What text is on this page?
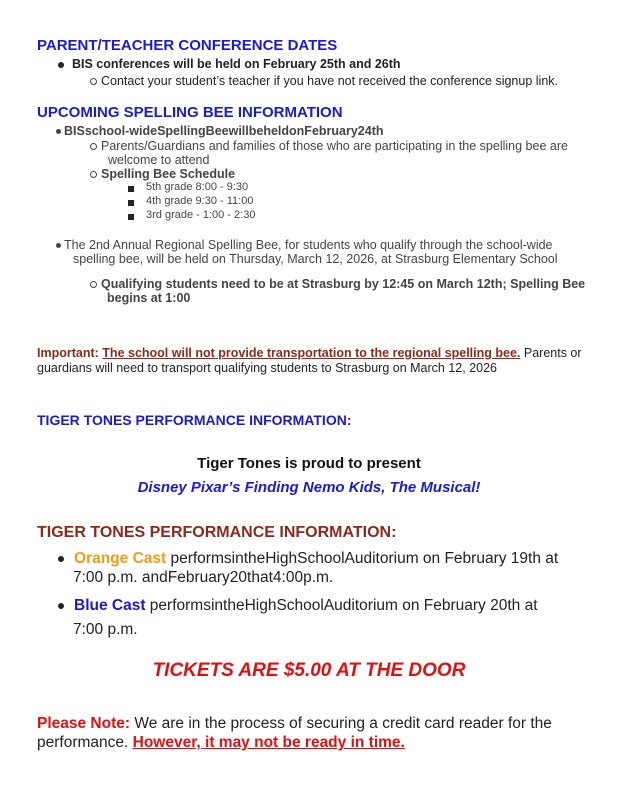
PARENT/TEACHER CONFERENCE DATES
BIS conferences will be held on February 25th and 26th
Contact your student’s teacher if you have not received the conference signup link.
UPCOMING SPELLING BEE INFORMATION
BISschool-wideSpellingBeewillbeheldonFebruary24th
Parents/Guardians and families of those who are participating in the spelling bee are
welcome to attend
Spelling Bee Schedule
5th grade 8:00 - 9:30
4th grade 9:30 - 11:00
3rd grade - 1:00 - 2:30
The 2nd Annual Regional Spelling Bee, for students who qualify through the school-wide
spelling bee, will be held on Thursday, March 12, 2026, at Strasburg Elementary School
Qualifying students need to be at Strasburg by 12:45 on March 12th; Spelling Bee
begins at 1:00
Important: The school will not provide transportation to the regional spelling bee. Parents or
guardians will need to transport qualifying students to Strasburg on March 12, 2026
TIGER TONES PERFORMANCE INFORMATION:
Tiger Tones is proud to present
Disney Pixar’s Finding Nemo Kids, The Musical!
TIGER TONES PERFORMANCE INFORMATION:
Orange Cast performsintheHighSchoolAuditorium on February 19th at
7:00 p.m. andFebruary20that4:00p.m.
Blue Cast performsintheHighSchoolAuditorium on February 20th at
7:00 p.m.
TICKETS ARE $5.00 AT THE DOOR
Please Note: We are in the process of securing a credit card reader for the
performance. However, it may not be ready in time.
